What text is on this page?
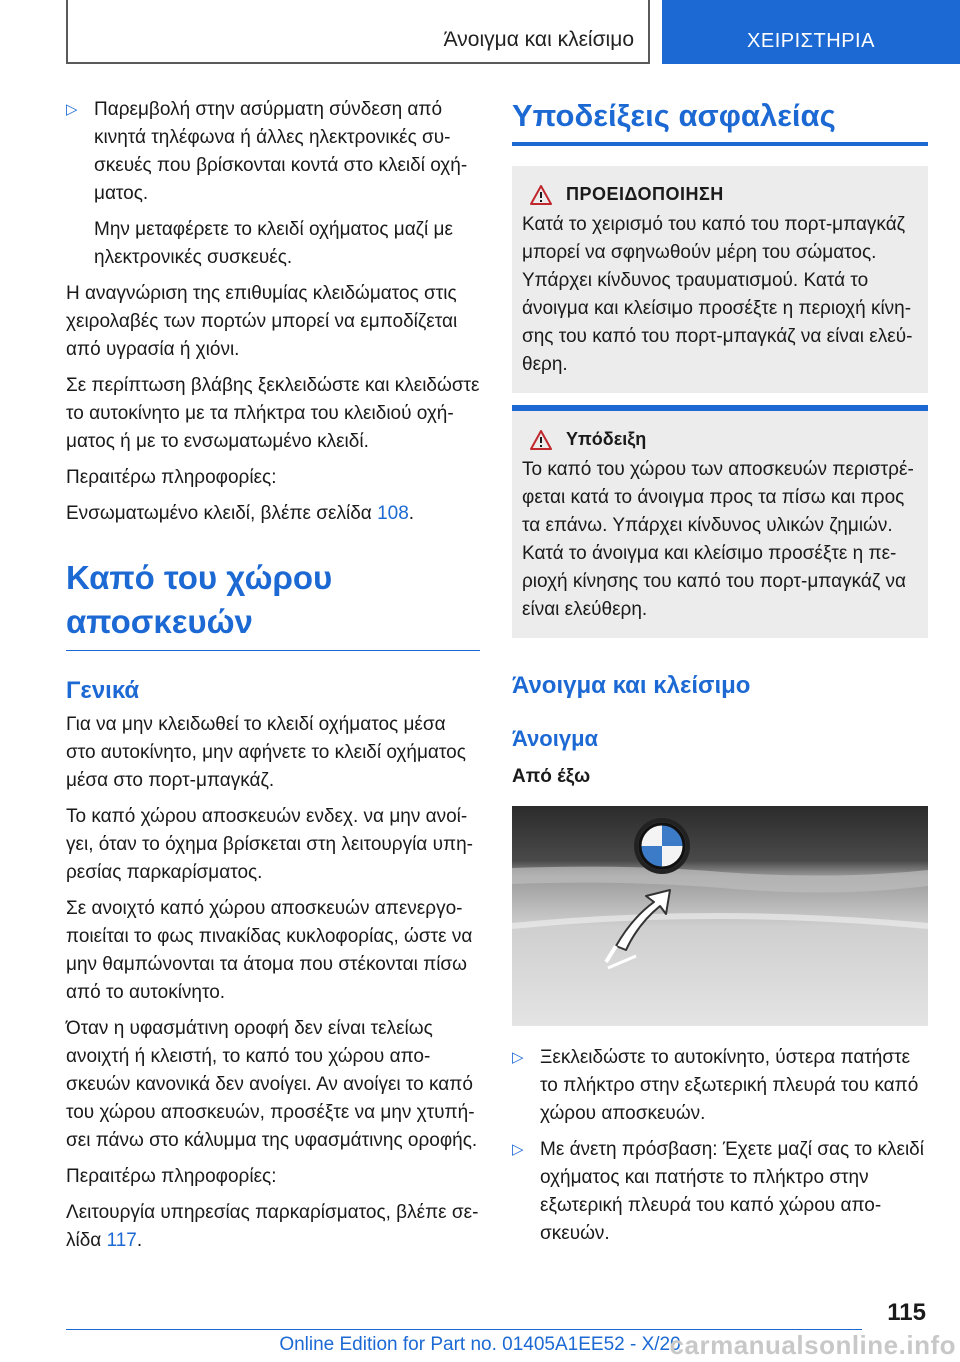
Άνοιγμα και κλείσιμο	ΧΕΙΡΙΣΤΗΡΙΑ

▷ Παρεμβολή στην ασύρματη σύνδεση από κινητά τηλέφωνα ή άλλες ηλεκτρονικές συσκευές που βρίσκονται κοντά στο κλειδί οχήματος.

Μην μεταφέρετε το κλειδί οχήματος μαζί με ηλεκτρονικές συσκευές.

Η αναγνώριση της επιθυμίας κλειδώματος στις χειρολαβές των πορτών μπορεί να εμποδίζεται από υγρασία ή χιόνι.

Σε περίπτωση βλάβης ξεκλειδώστε και κλειδώστε το αυτοκίνητο με τα πλήκτρα του κλειδιού οχήματος ή με το ενσωματωμένο κλειδί.

Περαιτέρω πληροφορίες:

Ενσωματωμένο κλειδί, βλέπε σελίδα 108.

Καπό του χώρου
αποσκευών
Γενικά

Για να μην κλειδωθεί το κλειδί οχήματος μέσα στο αυτοκίνητο, μην αφήνετε το κλειδί οχήματος μέσα στο πορτ-μπαγκάζ.

Το καπό χώρου αποσκευών ενδεχ. να μην ανοίγει, όταν το όχημα βρίσκεται στη λειτουργία υπηρεσίας παρκαρίσματος.

Σε ανοιχτό καπό χώρου αποσκευών απενεργοποιείται το φως πινακίδας κυκλοφορίας, ώστε να μην θαμπώνονται τα άτομα που στέκονται πίσω από το αυτοκίνητο.

Όταν η υφασμάτινη οροφή δεν είναι τελείως ανοιχτή ή κλειστή, το καπό του χώρου αποσκευών κανονικά δεν ανοίγει. Αν ανοίγει το καπό του χώρου αποσκευών, προσέξτε να μην χτυπήσει πάνω στο κάλυμμα της υφασμάτινης οροφής.

Περαιτέρω πληροφορίες:

Λειτουργία υπηρεσίας παρκαρίσματος, βλέπε σελίδα 117.

Υποδείξεις ασφαλείας
ΠΡΟΕΙΔΟΠΟΙΗΣΗ

Κατά το χειρισμό του καπό του πορτ-μπαγκάζ μπορεί να σφηνωθούν μέρη του σώματος. Υπάρχει κίνδυνος τραυματισμού. Κατά το άνοιγμα και κλείσιμο προσέξτε η περιοχή κίνησης του καπό του πορτ-μπαγκάζ να είναι ελεύθερη.

Υπόδειξη

Το καπό του χώρου των αποσκευών περιστρέφεται κατά το άνοιγμα προς τα πίσω και προς τα επάνω. Υπάρχει κίνδυνος υλικών ζημιών. Κατά το άνοιγμα και κλείσιμο προσέξτε η περιοχή κίνησης του καπό του πορτ-μπαγκάζ να είναι ελεύθερη.

Άνοιγμα και κλείσιμο
Άνοιγμα
Από έξω

▷ Ξεκλειδώστε το αυτοκίνητο, ύστερα πατήστε το πλήκτρο στην εξωτερική πλευρά του καπό χώρου αποσκευών.

▷ Με άνετη πρόσβαση: Έχετε μαζί σας το κλειδί οχήματος και πατήστε το πλήκτρο στην εξωτερική πλευρά του καπό χώρου αποσκευών.

115
Online Edition for Part no. 01405A1EE52 - X/20
carmanualsonline.info
